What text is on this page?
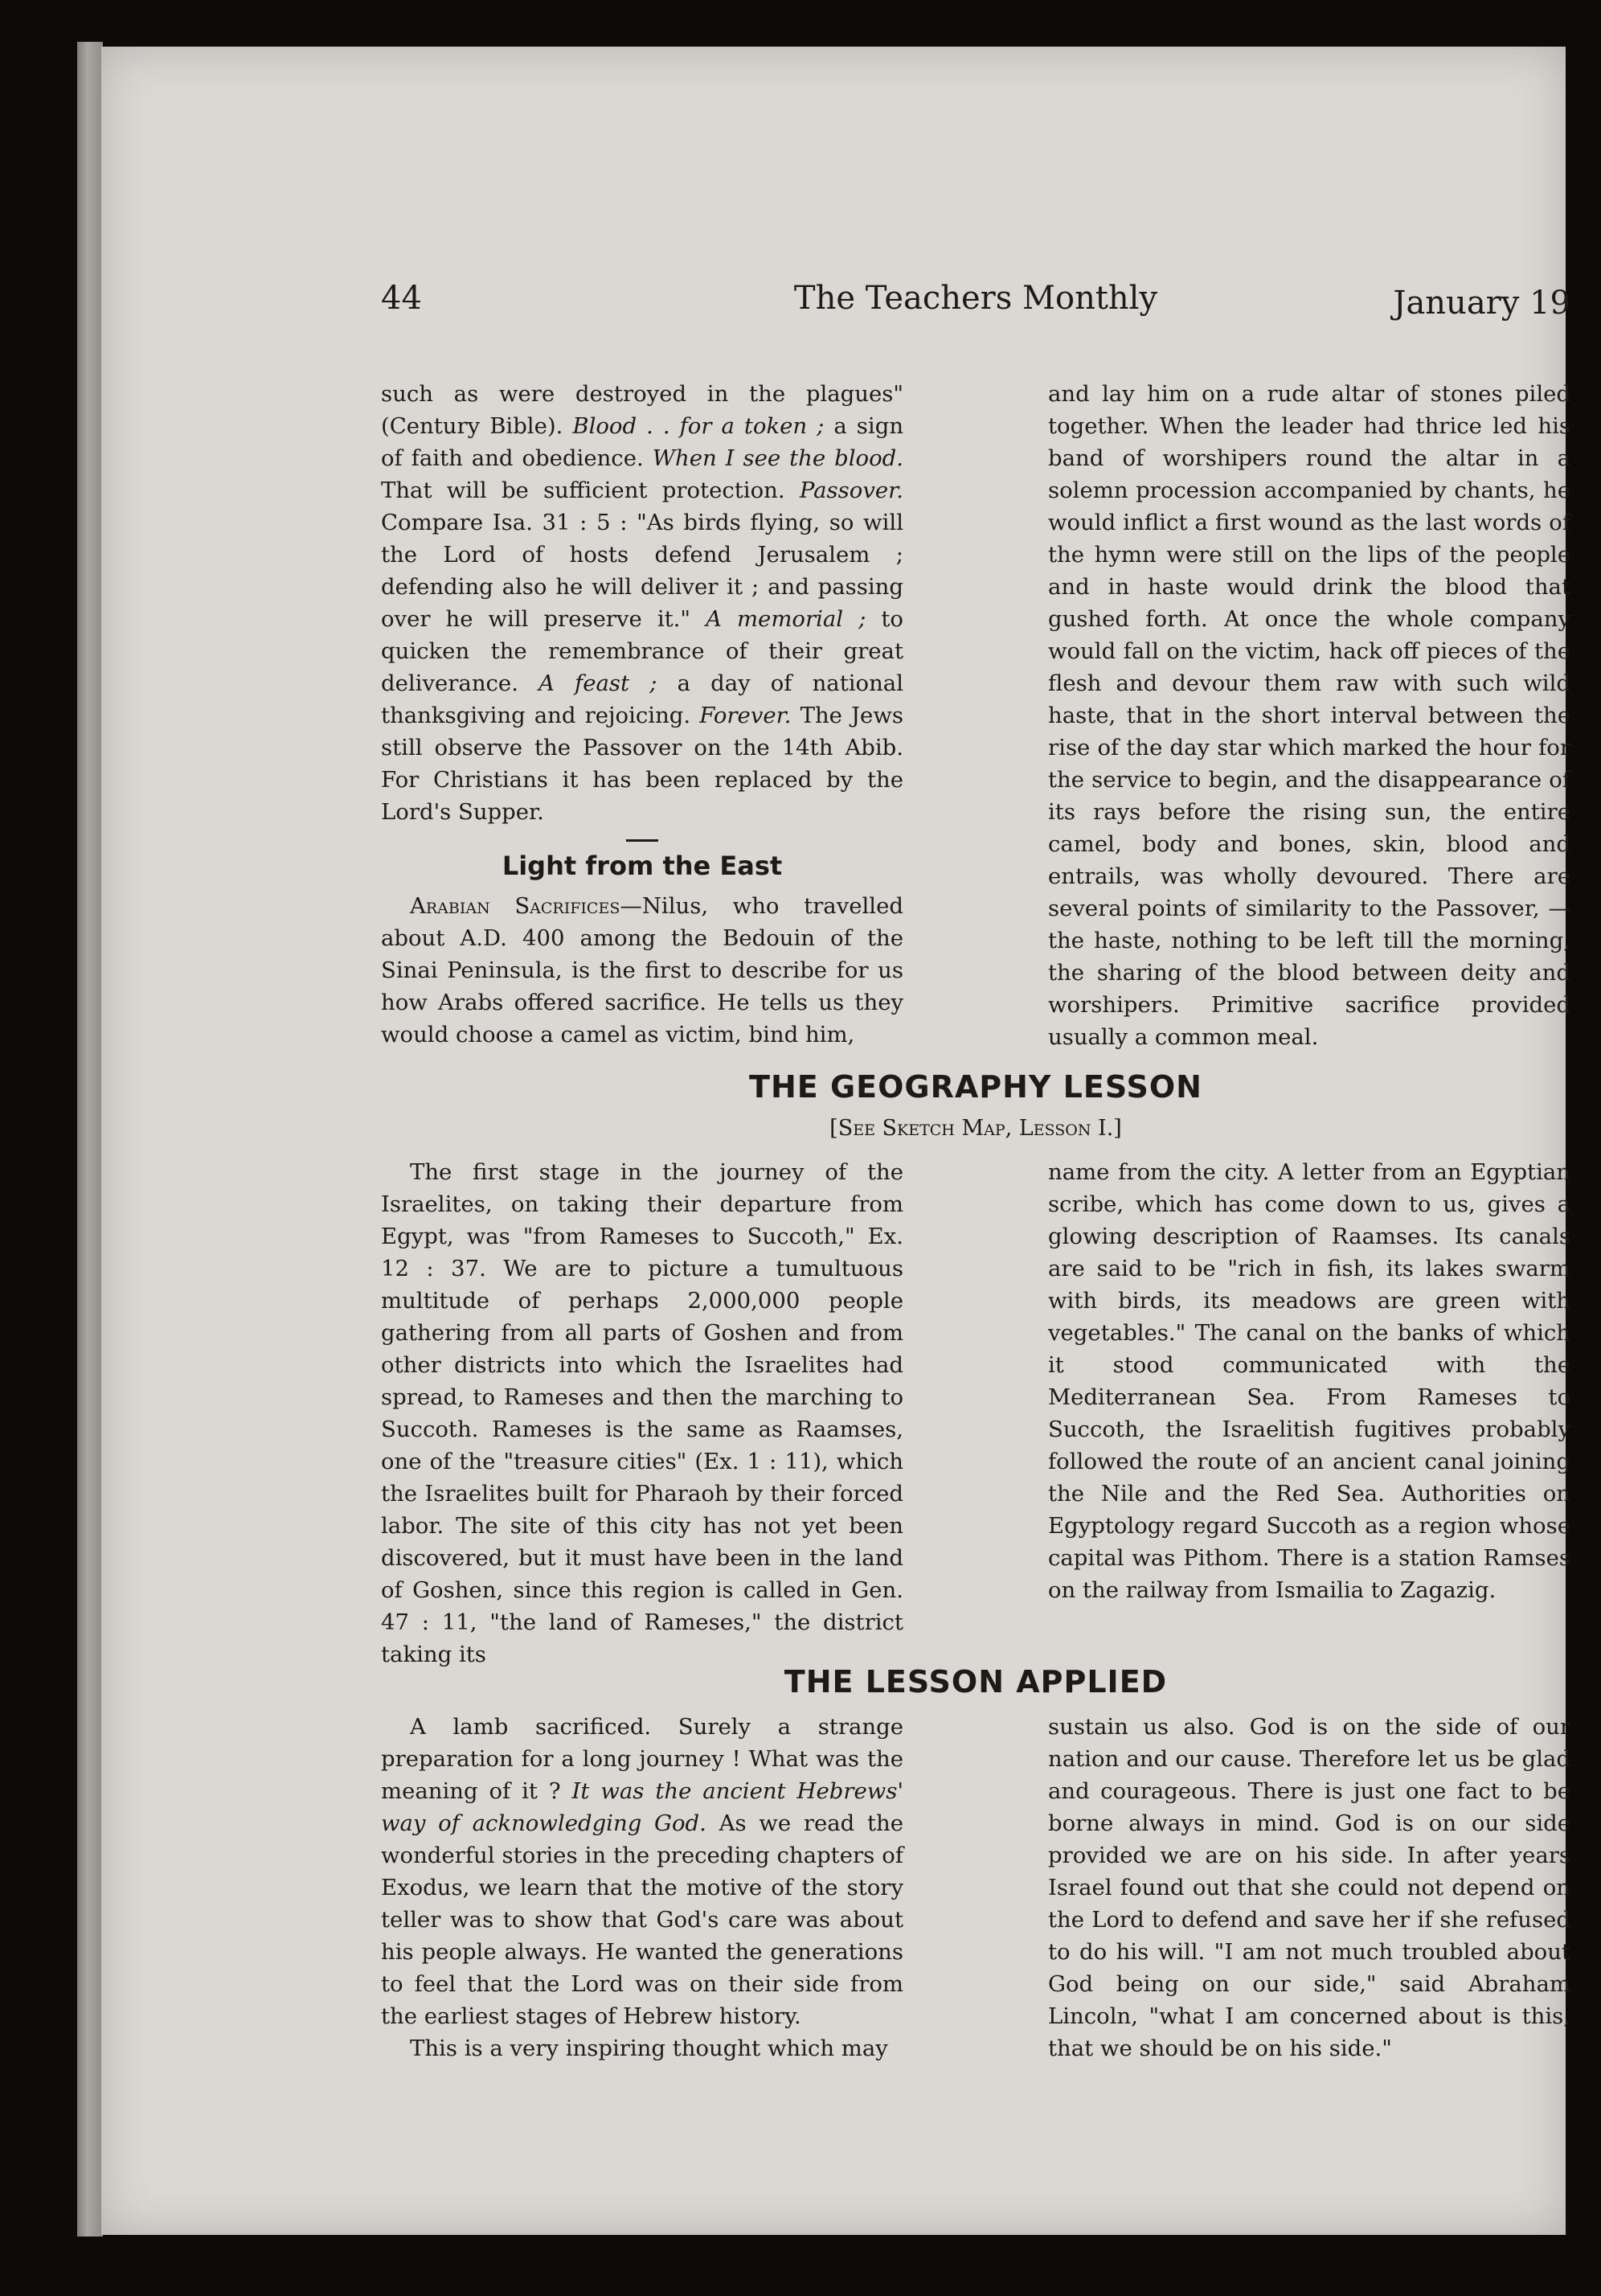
44	The Teachers Monthly	January 19

such as were destroyed in the plagues" (Century Bible). Blood . . for a token ; a sign of faith and obedience. When I see the blood. That will be sufficient protection. Passover. Compare Isa. 31 : 5 : "As birds flying, so will the Lord of hosts defend Jerusalem ; defending also he will deliver it ; and passing over he will preserve it." A memorial ; to quicken the remembrance of their great deliverance. A feast ; a day of national thanksgiving and rejoicing. Forever. The Jews still observe the Passover on the 14th Abib. For Christians it has been replaced by the Lord's Supper.

Light from the East

Arabian Sacrifices—Nilus, who travelled about A.D. 400 among the Bedouin of the Sinai Peninsula, is the first to describe for us how Arabs offered sacrifice. He tells us they would choose a camel as victim, bind him,

and lay him on a rude altar of stones piled together. When the leader had thrice led his band of worshipers round the altar in a solemn procession accompanied by chants, he would inflict a first wound as the last words of the hymn were still on the lips of the people and in haste would drink the blood that gushed forth. At once the whole company would fall on the victim, hack off pieces of the flesh and devour them raw with such wild haste, that in the short interval between the rise of the day star which marked the hour for the service to begin, and the disappearance of its rays before the rising sun, the entire camel, body and bones, skin, blood and entrails, was wholly devoured. There are several points of similarity to the Passover, —the haste, nothing to be left till the morning, the sharing of the blood between deity and worshipers. Primitive sacrifice provided usually a common meal.

THE GEOGRAPHY LESSON
[See Sketch Map, Lesson I.]

The first stage in the journey of the Israelites, on taking their departure from Egypt, was "from Rameses to Succoth," Ex. 12 : 37. We are to picture a tumultuous multitude of perhaps 2,000,000 people gathering from all parts of Goshen and from other districts into which the Israelites had spread, to Rameses and then the marching to Succoth. Rameses is the same as Raamses, one of the "treasure cities" (Ex. 1 : 11), which the Israelites built for Pharaoh by their forced labor. The site of this city has not yet been discovered, but it must have been in the land of Goshen, since this region is called in Gen. 47 : 11, "the land of Rameses," the district taking its

name from the city. A letter from an Egyptian scribe, which has come down to us, gives a glowing description of Raamses. Its canals are said to be "rich in fish, its lakes swarm with birds, its meadows are green with vegetables." The canal on the banks of which it stood communicated with the Mediterranean Sea. From Rameses to Succoth, the Israelitish fugitives probably followed the route of an ancient canal joining the Nile and the Red Sea. Authorities on Egyptology regard Succoth as a region whose capital was Pithom. There is a station Ramses on the railway from Ismailia to Zagazig.

THE LESSON APPLIED

A lamb sacrificed. Surely a strange preparation for a long journey ! What was the meaning of it ? It was the ancient Hebrews' way of acknowledging God. As we read the wonderful stories in the preceding chapters of Exodus, we learn that the motive of the story teller was to show that God's care was about his people always. He wanted the generations to feel that the Lord was on their side from the earliest stages of Hebrew history.

This is a very inspiring thought which may

sustain us also. God is on the side of our nation and our cause. Therefore let us be glad and courageous. There is just one fact to be borne always in mind. God is on our side provided we are on his side. In after years Israel found out that she could not depend on the Lord to defend and save her if she refused to do his will. "I am not much troubled about God being on our side," said Abraham Lincoln, "what I am concerned about is this, that we should be on his side."
